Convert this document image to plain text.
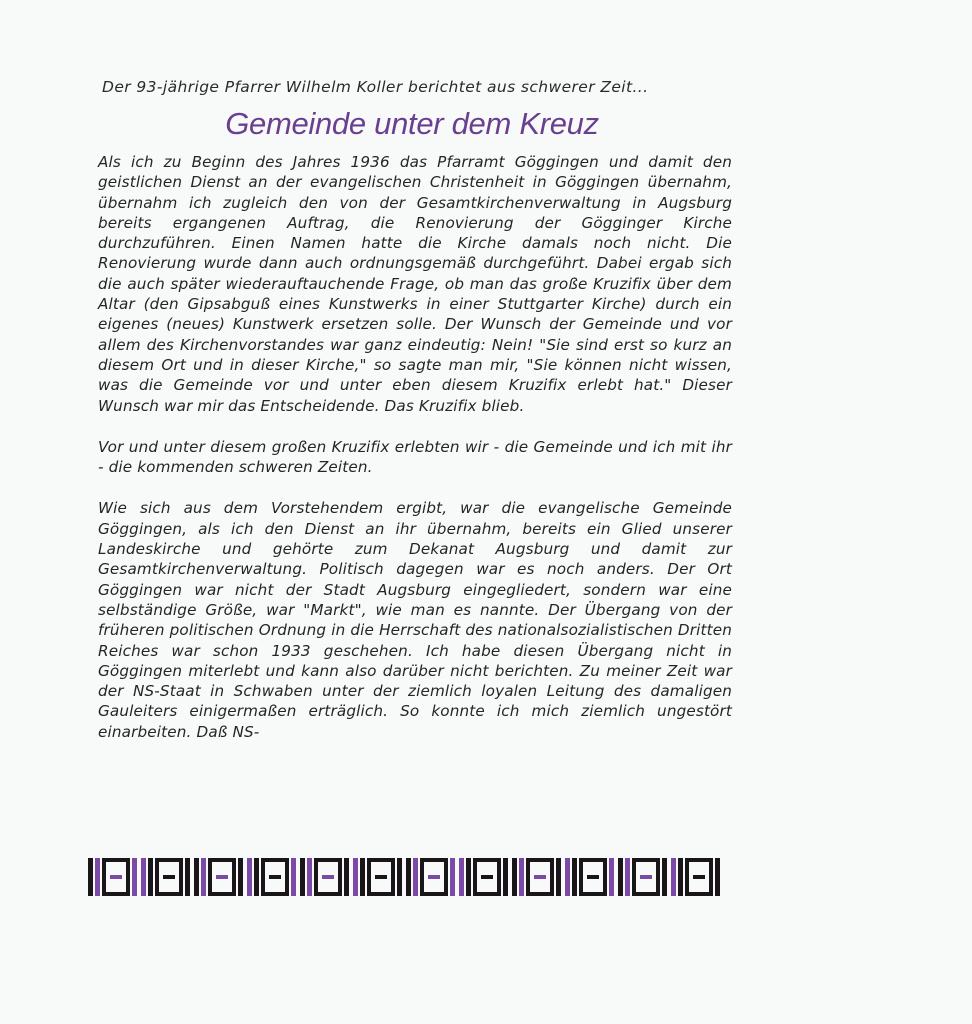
Der 93-jährige Pfarrer Wilhelm Koller berichtet aus schwerer Zeit...
Gemeinde unter dem Kreuz

Als ich zu Beginn des Jahres 1936 das Pfarramt Göggingen und damit den geistlichen Dienst an der evangelischen Christenheit in Göggingen übernahm, übernahm ich zugleich den von der Gesamtkirchenverwaltung in Augsburg bereits ergangenen Auftrag, die Renovierung der Gögginger Kirche durchzuführen. Einen Namen hatte die Kirche damals noch nicht. Die Renovierung wurde dann auch ordnungsgemäß durchgeführt. Dabei ergab sich die auch später wiederauftauchende Frage, ob man das große Kruzifix über dem Altar (den Gipsabguß eines Kunstwerks in einer Stuttgarter Kirche) durch ein eigenes (neues) Kunstwerk ersetzen solle. Der Wunsch der Gemeinde und vor allem des Kirchenvorstandes war ganz eindeutig: Nein! "Sie sind erst so kurz an diesem Ort und in dieser Kirche," so sagte man mir, "Sie können nicht wissen, was die Gemeinde vor und unter eben diesem Kruzifix erlebt hat." Dieser Wunsch war mir das Entscheidende. Das Kruzifix blieb.

Vor und unter diesem großen Kruzifix erlebten wir - die Gemeinde und ich mit ihr - die kommenden schweren Zeiten.

Wie sich aus dem Vorstehendem ergibt, war die evangelische Gemeinde Göggingen, als ich den Dienst an ihr übernahm, bereits ein Glied unserer Landeskirche und gehörte zum Dekanat Augsburg und damit zur Gesamtkirchenverwaltung. Politisch dagegen war es noch anders. Der Ort Göggingen war nicht der Stadt Augsburg eingegliedert, sondern war eine selbständige Größe, war "Markt", wie man es nannte. Der Übergang von der früheren politischen Ordnung in die Herrschaft des nationalsozialistischen Dritten Reiches war schon 1933 geschehen. Ich habe diesen Übergang nicht in Göggingen miterlebt und kann also darüber nicht berichten. Zu meiner Zeit war der NS-Staat in Schwaben unter der ziemlich loyalen Leitung des damaligen Gauleiters einigermaßen erträglich. So konnte ich mich ziemlich ungestört einarbeiten. Daß NS-
